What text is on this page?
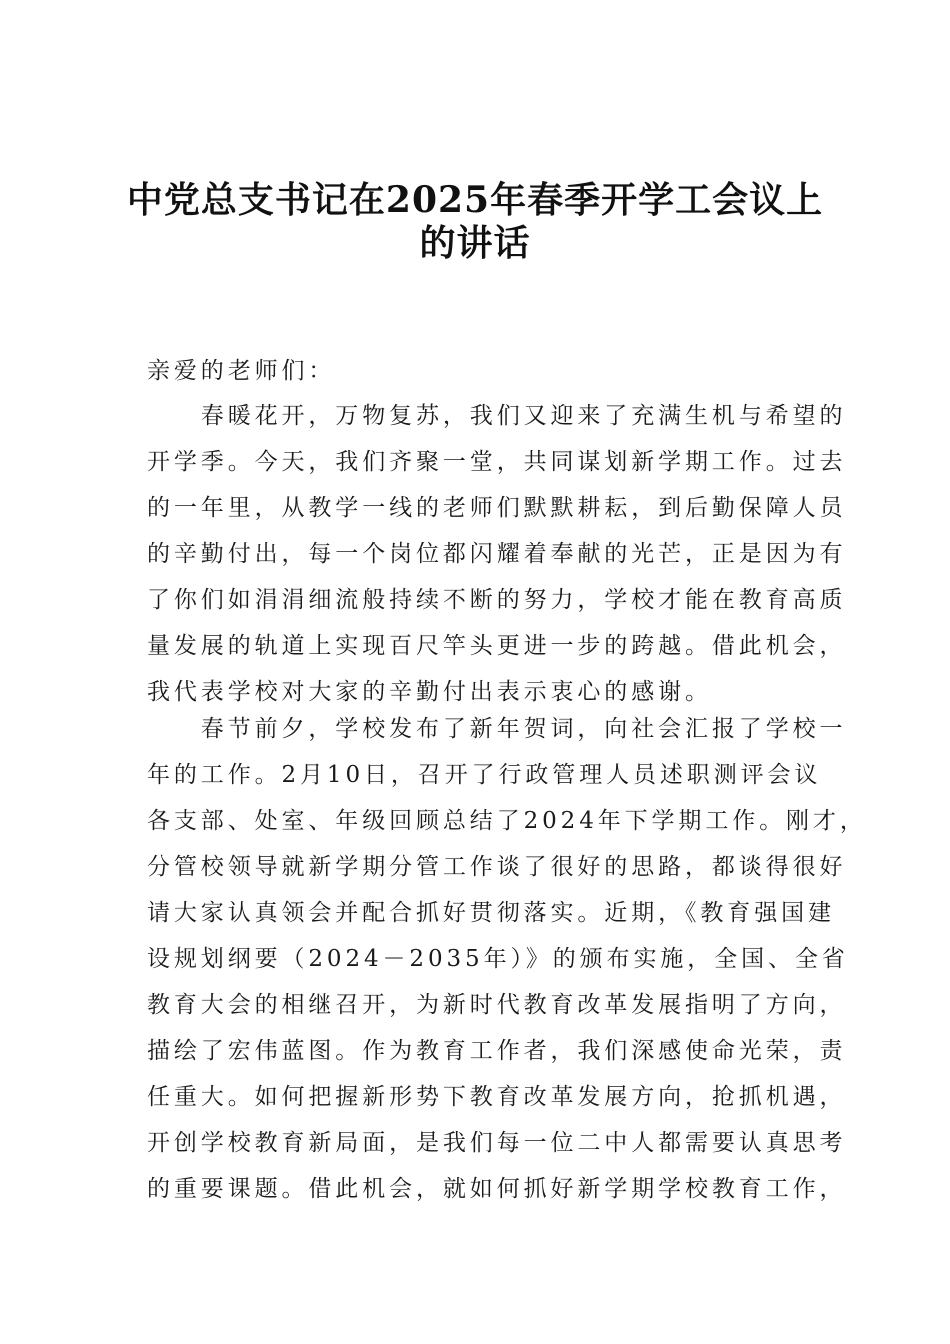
中党总支书记在2025年春季开学工会议上
的讲话
亲爱的老师们：
　　春暖花开，万物复苏，我们又迎来了充满生机与希望的
开学季。今天，我们齐聚一堂，共同谋划新学期工作。过去
的一年里，从教学一线的老师们默默耕耘，到后勤保障人员
的辛勤付出，每一个岗位都闪耀着奉献的光芒，正是因为有
了你们如涓涓细流般持续不断的努力，学校才能在教育高质
量发展的轨道上实现百尺竿头更进一步的跨越。借此机会，
我代表学校对大家的辛勤付出表示衷心的感谢。
　　春节前夕，学校发布了新年贺词，向社会汇报了学校一
年的工作。2月10日，召开了行政管理人员述职测评会议
各支部、处室、年级回顾总结了2024年下学期工作。刚才，
分管校领导就新学期分管工作谈了很好的思路，都谈得很好
请大家认真领会并配合抓好贯彻落实。近期，《教育强国建
设规划纲要（2024－2035年）》的颁布实施，全国、全省
教育大会的相继召开，为新时代教育改革发展指明了方向，
描绘了宏伟蓝图。作为教育工作者，我们深感使命光荣，责
任重大。如何把握新形势下教育改革发展方向，抢抓机遇，
开创学校教育新局面，是我们每一位二中人都需要认真思考
的重要课题。借此机会，就如何抓好新学期学校教育工作，
